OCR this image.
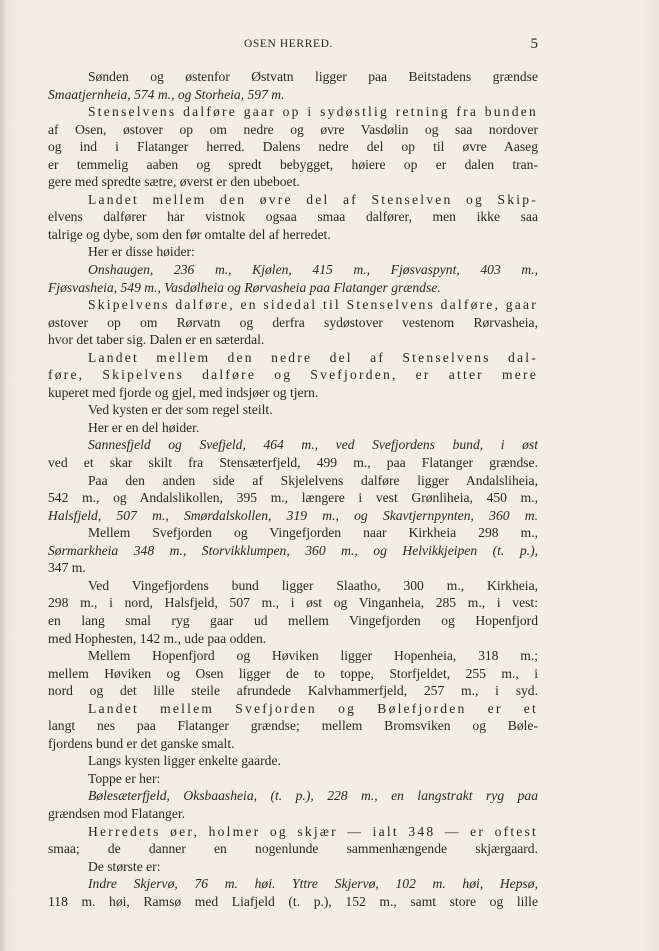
OSEN HERRED.	5
Sønden og østenfor Østvatn ligger paa Beitstadens grændse
Smaatjernheia, 574 m., og Storheia, 597 m.
Stenselvens dalføre gaar op i sydøstlig retning fra bunden
af Osen, østover op om nedre og øvre Vasdølin og saa nordover
og ind i Flatanger herred. Dalens nedre del op til øvre Aaseg
er temmelig aaben og spredt bebygget, høiere op er dalen tran-
gere med spredte sætre, øverst er den ubeboet.
Landet mellem den øvre del af Stenselven og Skip-
elvens dalfører har vistnok ogsaa smaa dalfører, men ikke saa
talrige og dybe, som den før omtalte del af herredet.
Her er disse høider:
Onshaugen, 236 m., Kjølen, 415 m., Fjøsvaspynt, 403 m.,
Fjøsvasheia, 549 m., Vasdølheia og Rørvasheia paa Flatanger grændse.
Skipelvens dalføre, en sidedal til Stenselvens dalføre, gaar
østover op om Rørvatn og derfra sydøstover vestenom Rørvasheia,
hvor det taber sig. Dalen er en sæterdal.
Landet mellem den nedre del af Stenselvens dal-
føre, Skipelvens dalføre og Svefjorden, er atter mere
kuperet med fjorde og gjel, med indsjøer og tjern.
Ved kysten er der som regel steilt.
Her er en del høider.
Sannesfjeld og Svefjeld, 464 m., ved Svefjordens bund, i øst
ved et skar skilt fra Stensæterfjeld, 499 m., paa Flatanger grændse.
Paa den anden side af Skjelelvens dalføre ligger Andalsliheia,
542 m., og Andalslikollen, 395 m., længere i vest Grønliheia, 450 m.,
Halsfjeld, 507 m., Smørdalskollen, 319 m., og Skavtjernpynten, 360 m.
Mellem Svefjorden og Vingefjorden naar Kirkheia 298 m.,
Sørmarkheia 348 m., Storvikklumpen, 360 m., og Helvikkjeipen (t. p.),
347 m.
Ved Vingefjordens bund ligger Slaatho, 300 m., Kirkheia,
298 m., i nord, Halsfjeld, 507 m., i øst og Vinganheia, 285 m., i vest:
en lang smal ryg gaar ud mellem Vingefjorden og Hopenfjord
med Hophesten, 142 m., ude paa odden.
Mellem Hopenfjord og Høviken ligger Hopenheia, 318 m.;
mellem Høviken og Osen ligger de to toppe, Storfjeldet, 255 m., i
nord og det lille steile afrundede Kalvhammerfjeld, 257 m., i syd.
Landet mellem Svefjorden og Bølefjorden er et
langt nes paa Flatanger grændse; mellem Bromsviken og Bøle-
fjordens bund er det ganske smalt.
Langs kysten ligger enkelte gaarde.
Toppe er her:
Bølesæterfjeld, Oksbaasheia, (t. p.), 228 m., en langstrakt ryg paa
grændsen mod Flatanger.
Herredets øer, holmer og skjær — ialt 348 — er oftest
smaa; de danner en nogenlunde sammenhængende skjærgaard.
De største er:
Indre Skjervø, 76 m. høi. Yttre Skjervø, 102 m. høi, Hepsø,
118 m. høi, Ramsø med Liafjeld (t. p.), 152 m., samt store og lille
